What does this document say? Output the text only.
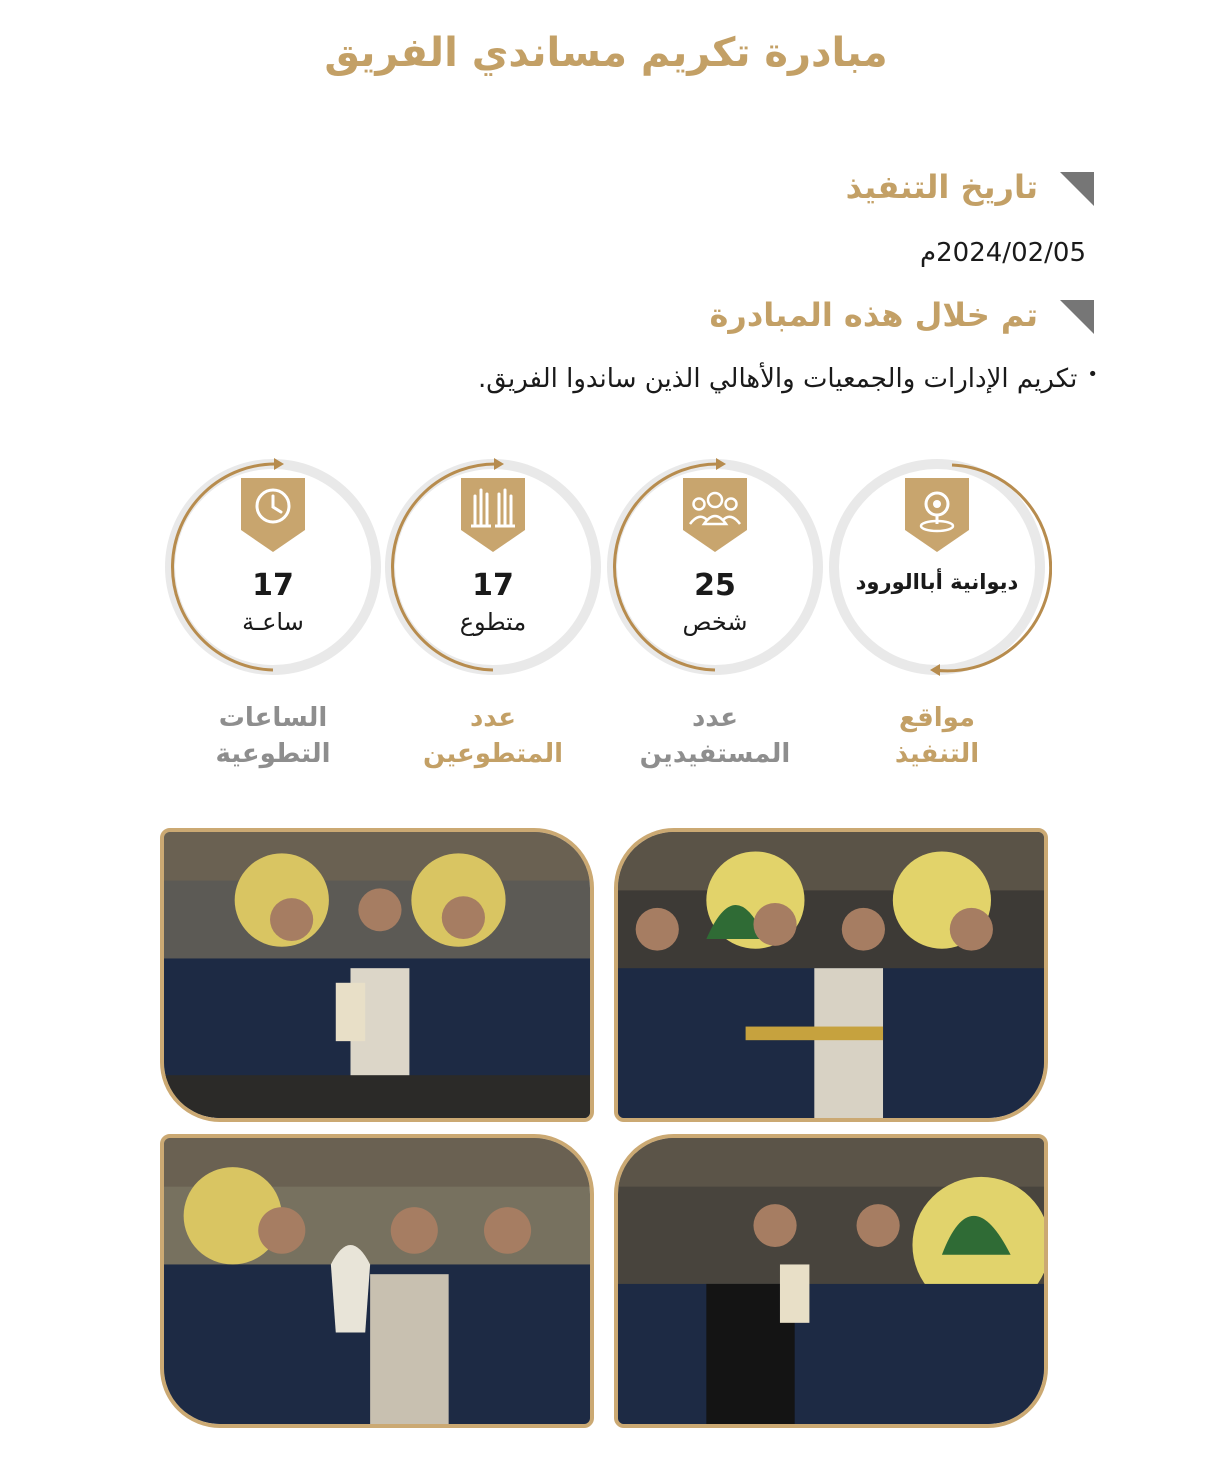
مبادرة تكريم مساندي الفريق
تاريخ التنفيذ
2024/02/05م
تم خلال هذه المبادرة
•
تكريم الإدارات والجمعيات والأهالي الذين ساندوا الفريق.
ديوانية أباالورود
25
شخص
17
متطوع
17
ساعـة
مواقع
التنفيذ
عدد
المستفيدين
عدد
المتطوعين
الساعات
التطوعية
